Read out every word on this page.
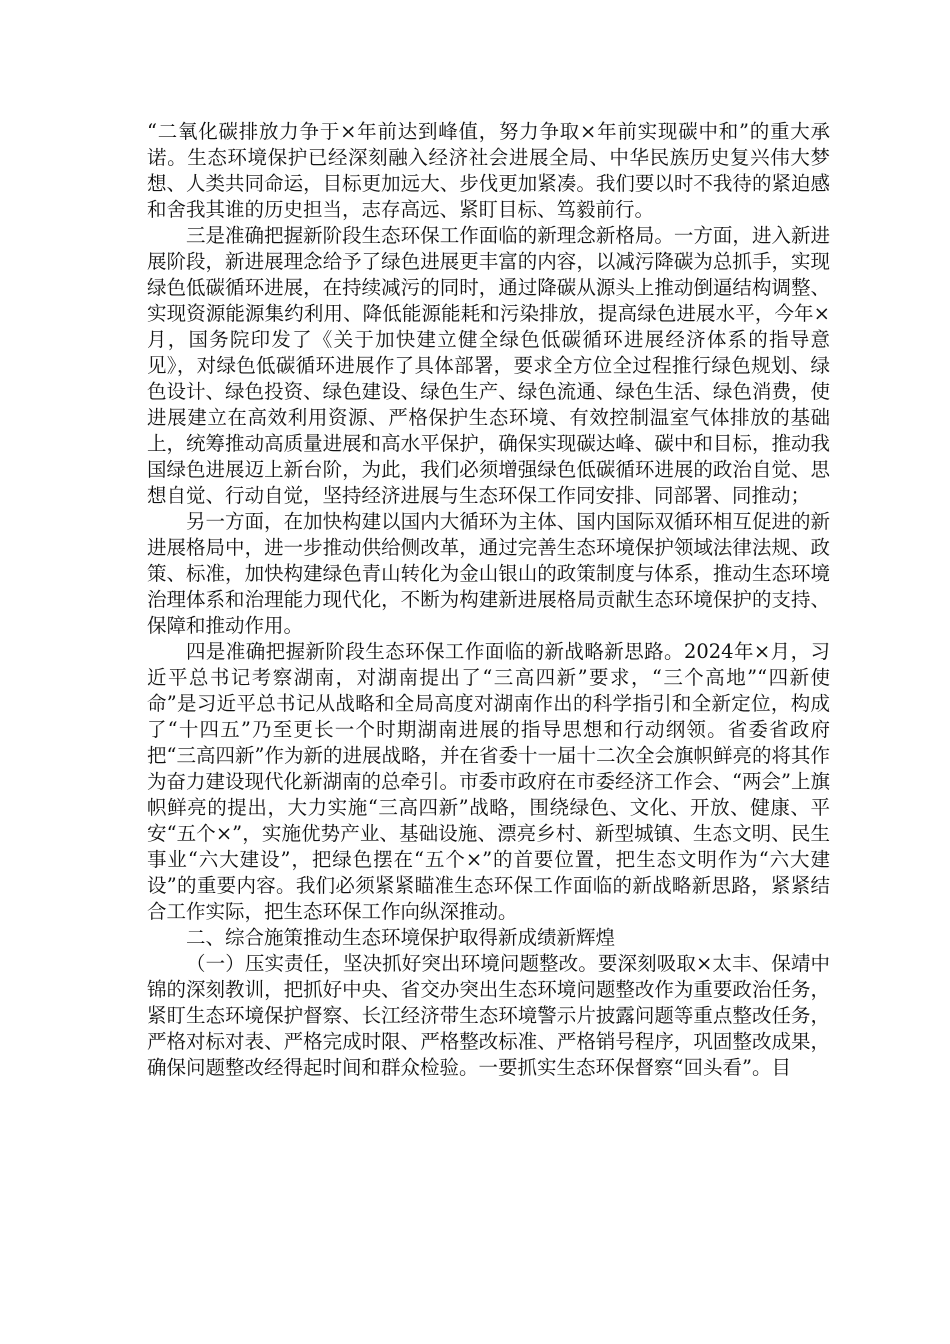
“二氧化碳排放力争于×年前达到峰值，努力争取×年前实现碳中和”的重大承诺。生态环境保护已经深刻融入经济社会进展全局、中华民族历史复兴伟大梦想、人类共同命运，目标更加远大、步伐更加紧凑。我们要以时不我待的紧迫感和舍我其谁的历史担当，志存高远、紧盯目标、笃毅前行。

三是准确把握新阶段生态环保工作面临的新理念新格局。一方面，进入新进展阶段，新进展理念给予了绿色进展更丰富的内容，以减污降碳为总抓手，实现绿色低碳循环进展，在持续减污的同时，通过降碳从源头上推动倒逼结构调整、实现资源能源集约利用、降低能源能耗和污染排放，提高绿色进展水平，今年×月，国务院印发了《关于加快建立健全绿色低碳循环进展经济体系的指导意见》，对绿色低碳循环进展作了具体部署，要求全方位全过程推行绿色规划、绿色设计、绿色投资、绿色建设、绿色生产、绿色流通、绿色生活、绿色消费，使进展建立在高效利用资源、严格保护生态环境、有效控制温室气体排放的基础上，统筹推动高质量进展和高水平保护，确保实现碳达峰、碳中和目标，推动我国绿色进展迈上新台阶，为此，我们必须增强绿色低碳循环进展的政治自觉、思想自觉、行动自觉，坚持经济进展与生态环保工作同安排、同部署、同推动；

另一方面，在加快构建以国内大循环为主体、国内国际双循环相互促进的新进展格局中，进一步推动供给侧改革，通过完善生态环境保护领域法律法规、政策、标准，加快构建绿色青山转化为金山银山的政策制度与体系，推动生态环境治理体系和治理能力现代化，不断为构建新进展格局贡献生态环境保护的支持、保障和推动作用。

四是准确把握新阶段生态环保工作面临的新战略新思路。2024年×月，习近平总书记考察湖南，对湖南提出了“三高四新”要求，“三个高地”“四新使命”是习近平总书记从战略和全局高度对湖南作出的科学指引和全新定位，构成了“十四五”乃至更长一个时期湖南进展的指导思想和行动纲领。省委省政府把“三高四新”作为新的进展战略，并在省委十一届十二次全会旗帜鲜亮的将其作为奋力建设现代化新湖南的总牵引。市委市政府在市委经济工作会、“两会”上旗帜鲜亮的提出，大力实施“三高四新”战略，围绕绿色、文化、开放、健康、平安“五个×”，实施优势产业、基础设施、漂亮乡村、新型城镇、生态文明、民生事业“六大建设”，把绿色摆在“五个×”的首要位置，把生态文明作为“六大建设”的重要内容。我们必须紧紧瞄准生态环保工作面临的新战略新思路，紧紧结合工作实际，把生态环保工作向纵深推动。

二、综合施策推动生态环境保护取得新成绩新辉煌

（一）压实责任，坚决抓好突出环境问题整改。要深刻吸取×太丰、保靖中锦的深刻教训，把抓好中央、省交办突出生态环境问题整改作为重要政治任务，紧盯生态环境保护督察、长江经济带生态环境警示片披露问题等重点整改任务，严格对标对表、严格完成时限、严格整改标准、严格销号程序，巩固整改成果，确保问题整改经得起时间和群众检验。一要抓实生态环保督察“回头看”。目
